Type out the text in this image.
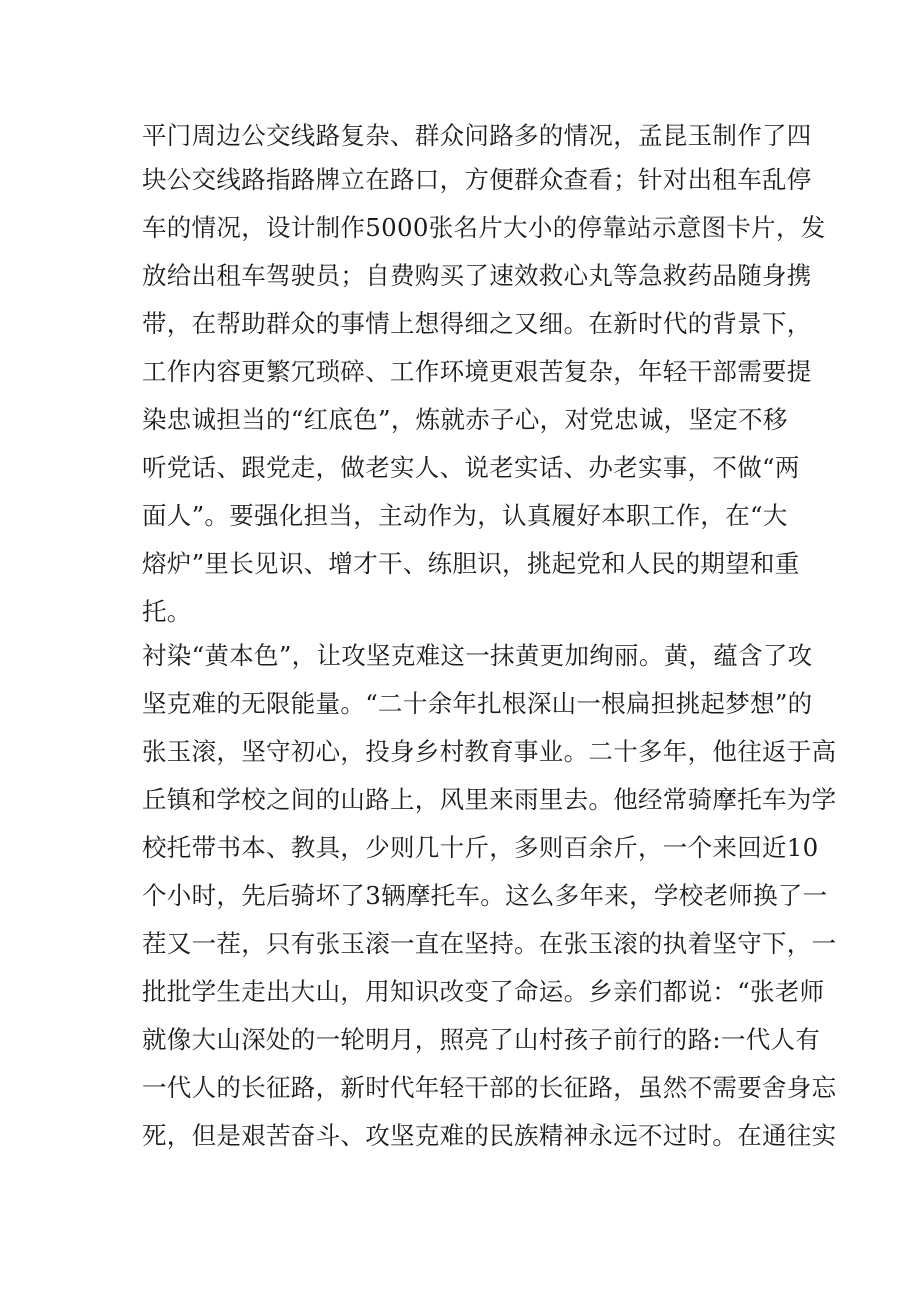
平门周边公交线路复杂、群众问路多的情况，孟昆玉制作了四
块公交线路指路牌立在路口，方便群众查看；针对出租车乱停
车的情况，设计制作5000张名片大小的停靠站示意图卡片，发
放给出租车驾驶员；自费购买了速效救心丸等急救药品随身携
带，在帮助群众的事情上想得细之又细。在新时代的背景下，
工作内容更繁冗琐碎、工作环境更艰苦复杂，年轻干部需要提
染忠诚担当的“红底色”，炼就赤子心，对党忠诚，坚定不移
听党话、跟党走，做老实人、说老实话、办老实事，不做“两
面人”。要强化担当，主动作为，认真履好本职工作，在“大
熔炉”里长见识、增才干、练胆识，挑起党和人民的期望和重
托。
衬染“黄本色”，让攻坚克难这一抹黄更加绚丽。黄，蕴含了攻
坚克难的无限能量。“二十余年扎根深山一根扁担挑起梦想”的
张玉滚，坚守初心，投身乡村教育事业。二十多年，他往返于高
丘镇和学校之间的山路上，风里来雨里去。他经常骑摩托车为学
校托带书本、教具，少则几十斤，多则百余斤，一个来回近10
个小时，先后骑坏了3辆摩托车。这么多年来，学校老师换了一
茬又一茬，只有张玉滚一直在坚持。在张玉滚的执着坚守下，一
批批学生走出大山，用知识改变了命运。乡亲们都说：“张老师
就像大山深处的一轮明月，照亮了山村孩子前行的路:一代人有
一代人的长征路，新时代年轻干部的长征路，虽然不需要舍身忘
死，但是艰苦奋斗、攻坚克难的民族精神永远不过时。在通往实
